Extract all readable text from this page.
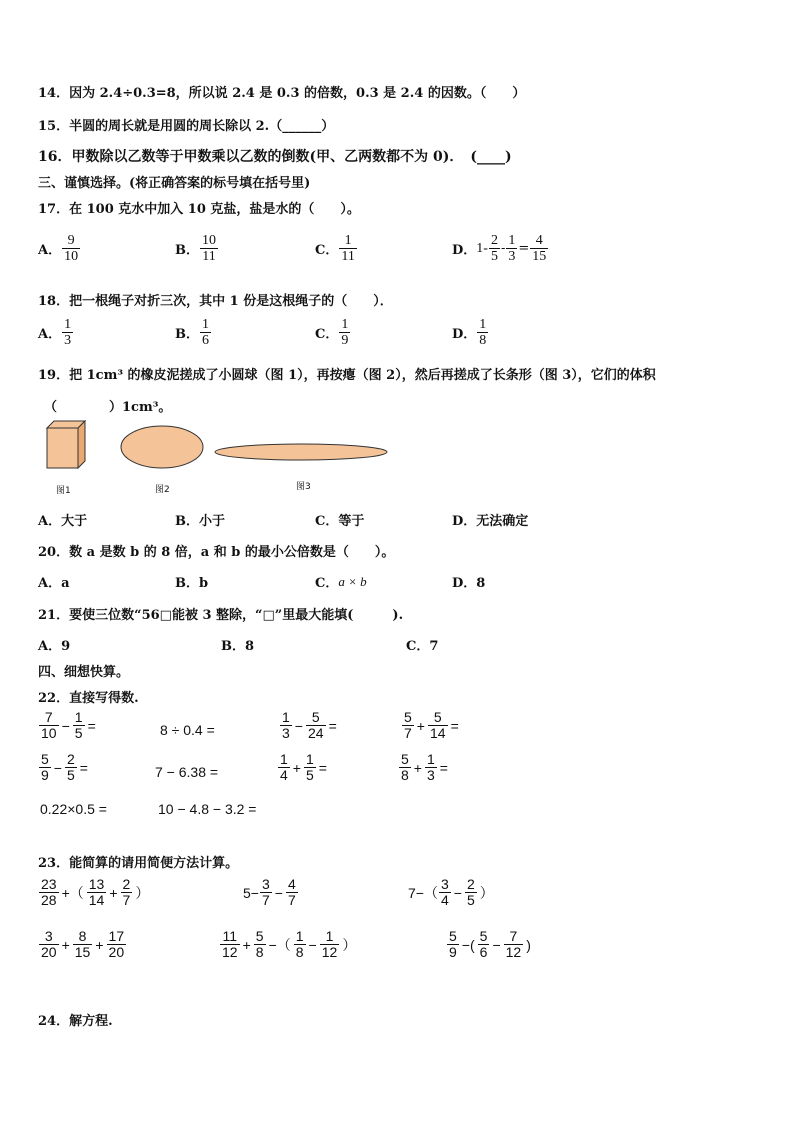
14．因为 2.4÷0.3=8，所以说 2.4 是 0.3 的倍数，0.3 是 2.4 的因数。（　　）
15．半圆的周长就是用圆的周长除以 2.（______）
16．甲数除以乙数等于甲数乘以乙数的倒数(甲、乙两数都不为 0)．　(____)
三、谨慎选择。(将正确答案的标号填在括号里)
17．在 100 克水中加入 10 克盐，盐是水的（　　）。
A． $\frac{9}{10}$	B． $\frac{10}{11}$	C． $\frac{1}{11}$	D． $1- \frac{2}{5} - \frac{1}{3} = \frac{4}{15}$
18．把一根绳子对折三次，其中 1 份是这根绳子的（　　）．
A． $\frac{1}{3}$	B． $\frac{1}{6}$	C． $\frac{1}{9}$	D． $\frac{1}{8}$
19．把 1cm³ 的橡皮泥搓成了小圆球（图 1），再按瘪（图 2），然后再搓成了长条形（图 3），它们的体积
（　　　　）1cm³。
图1	图2	图3
A．大于	B．小于	C．等于	D．无法确定
20．数 a 是数 b 的 8 倍，a 和 b 的最小公倍数是（　　）。
A．a	B．b	C． a × b	D．8
21．要使三位数“56□能被 3 整除，“□”里最大能填(　　　).
A．9	B．8	C．7
四、细想快算。
22．直接写得数.
$\frac{7}{10} - \frac{1}{5}$ =	8 ÷ 0.4 =	$\frac{1}{3} - \frac{5}{24}$ =	$\frac{5}{7} + \frac{5}{14}$ =
$\frac{5}{9} - \frac{2}{5}$ =	7 − 6.38 =	$\frac{1}{4} + \frac{1}{5}$ =	$\frac{5}{8} + \frac{1}{3}$ =
0.22×0.5 =	10 − 4.8 − 3.2 =
23．能简算的请用简便方法计算。
$\frac{23}{28}$ +（ $\frac{13}{14} + \frac{2}{7}$ ）	$5- \frac{3}{7} - \frac{4}{7}$	$7-( \frac{3}{4} - \frac{2}{5}$ ）
$\frac{3}{20} + \frac{8}{15} + \frac{17}{20}$	$\frac{11}{12} + \frac{5}{8}$ −（ $\frac{1}{8} - \frac{1}{12}$ ）	$\frac{5}{9}$ −( $\frac{5}{6} - \frac{7}{12}$ )
24．解方程.
